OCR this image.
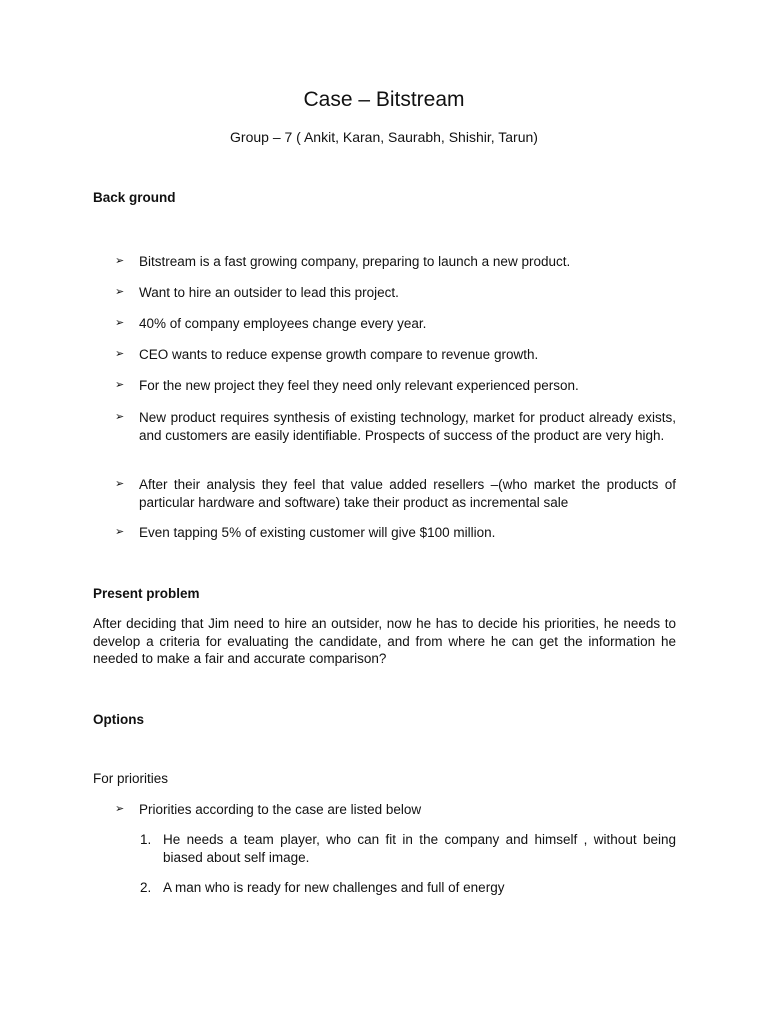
Case – Bitstream
Group – 7 ( Ankit, Karan, Saurabh, Shishir, Tarun)
Back ground
➢	Bitstream is a fast growing company, preparing to launch a new product.
➢	Want to hire an outsider to lead this project.
➢	40% of company employees change every year.
➢	CEO wants to reduce expense growth compare to revenue growth.
➢	For the new project they feel they need only relevant experienced person.
➢	New product requires synthesis of existing technology, market for product already exists, and customers are easily identifiable. Prospects of success of the product are very high.
➢	After their analysis they feel that value added resellers –(who market the products of particular hardware and software) take their product as incremental sale
➢	Even tapping 5% of existing customer will give $100 million.
Present problem
After deciding that Jim need to hire an outsider, now he has to decide his priorities, he needs to develop a criteria for evaluating the candidate, and from where he can get the information he needed to make a fair and accurate comparison?
Options
For priorities
➢	Priorities according to the case are listed below
1. He needs a team player, who can fit in the company and himself , without being biased about self image.
2. A man who is ready for new challenges and full of energy
